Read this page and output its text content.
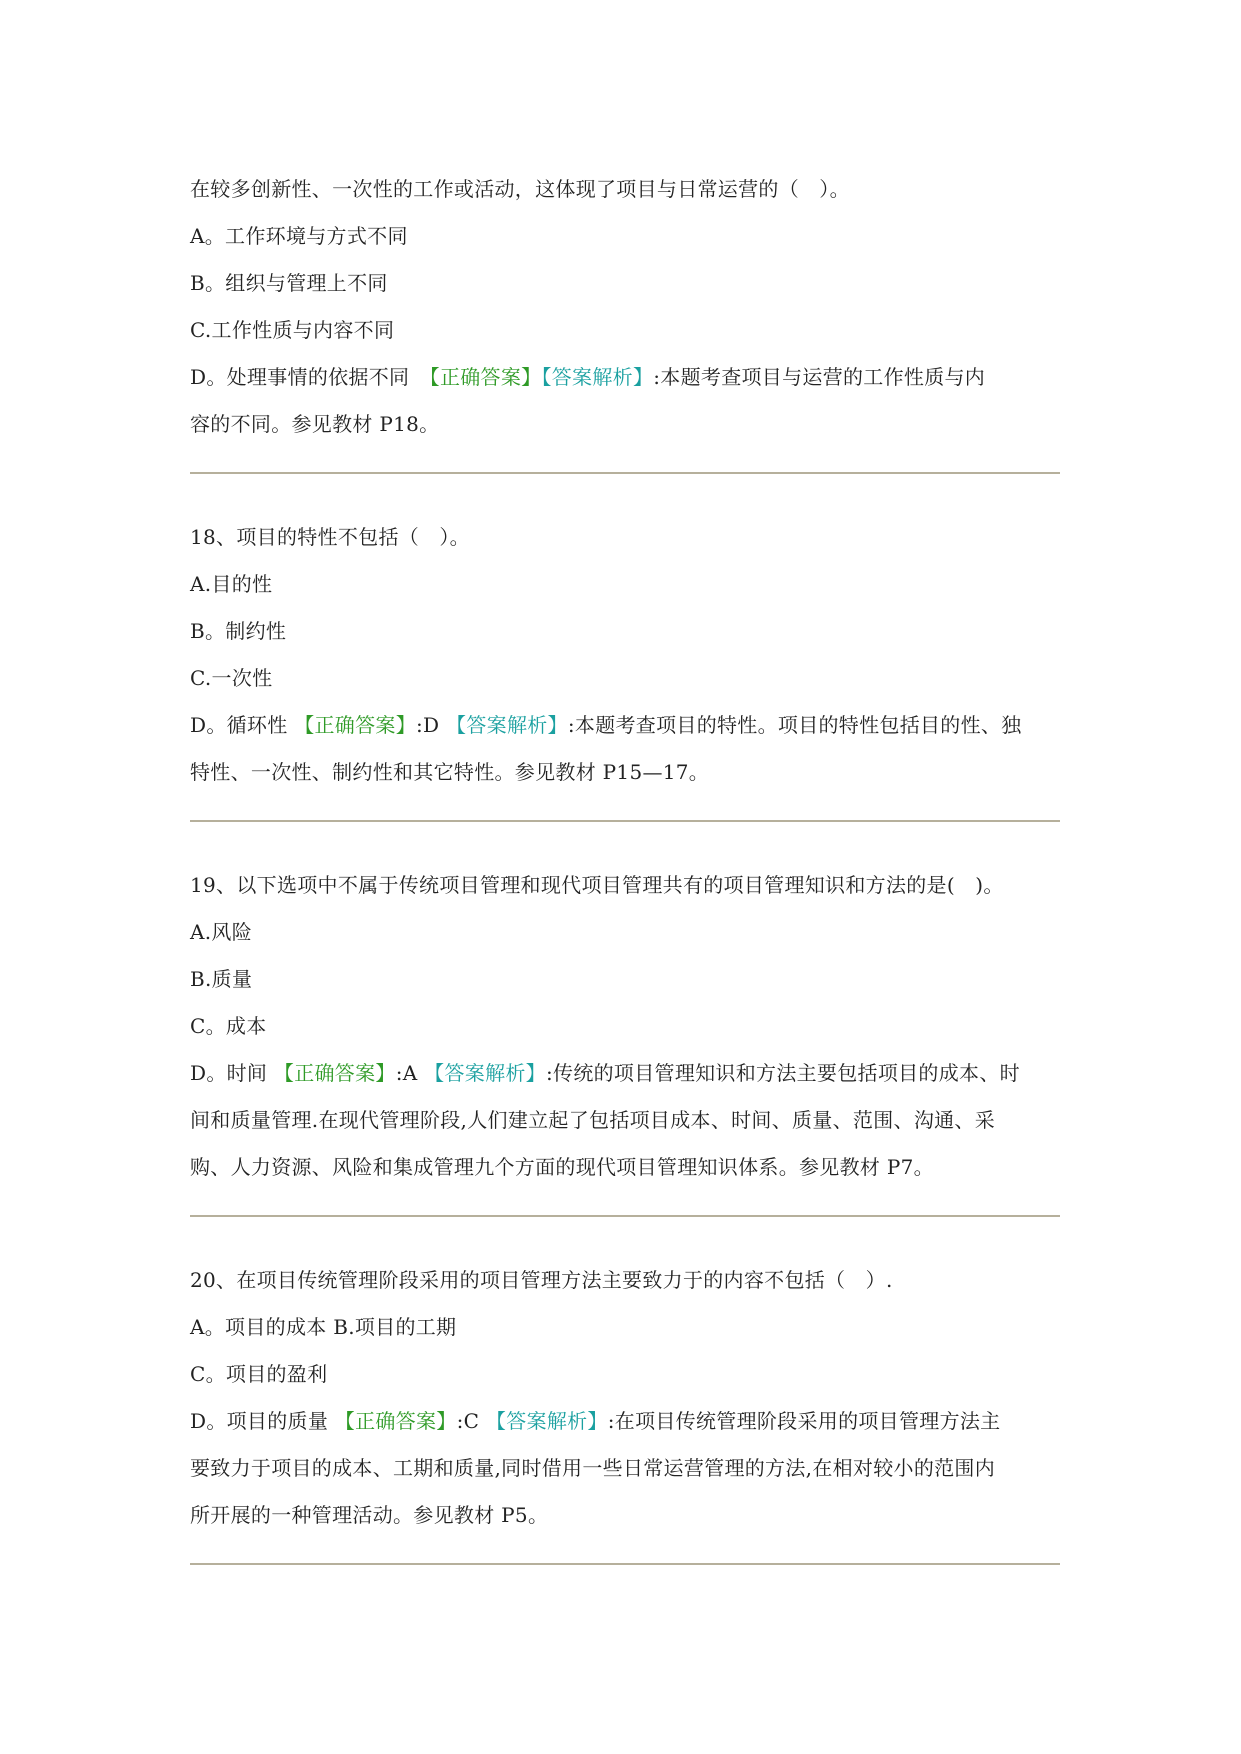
在较多创新性、一次性的工作或活动，这体现了项目与日常运营的（　）。
A。工作环境与方式不同
B。组织与管理上不同
C.工作性质与内容不同
D。处理事情的依据不同　【正确答案】【答案解析】:本题考查项目与运营的工作性质与内
容的不同。参见教材 P18。
18、项目的特性不包括（　）。
A.目的性
B。制约性
C.一次性
D。循环性 【正确答案】:D 【答案解析】:本题考查项目的特性。项目的特性包括目的性、独
特性、一次性、制约性和其它特性。参见教材 P15—17。
19、以下选项中不属于传统项目管理和现代项目管理共有的项目管理知识和方法的是(　)。
A.风险
B.质量
C。成本
D。时间 【正确答案】:A 【答案解析】:传统的项目管理知识和方法主要包括项目的成本、时
间和质量管理.在现代管理阶段,人们建立起了包括项目成本、时间、质量、范围、沟通、采
购、人力资源、风险和集成管理九个方面的现代项目管理知识体系。参见教材 P7。
20、在项目传统管理阶段采用的项目管理方法主要致力于的内容不包括（　）.
A。项目的成本 B.项目的工期
C。项目的盈利
D。项目的质量 【正确答案】:C 【答案解析】:在项目传统管理阶段采用的项目管理方法主
要致力于项目的成本、工期和质量,同时借用一些日常运营管理的方法,在相对较小的范围内
所开展的一种管理活动。参见教材 P5。
